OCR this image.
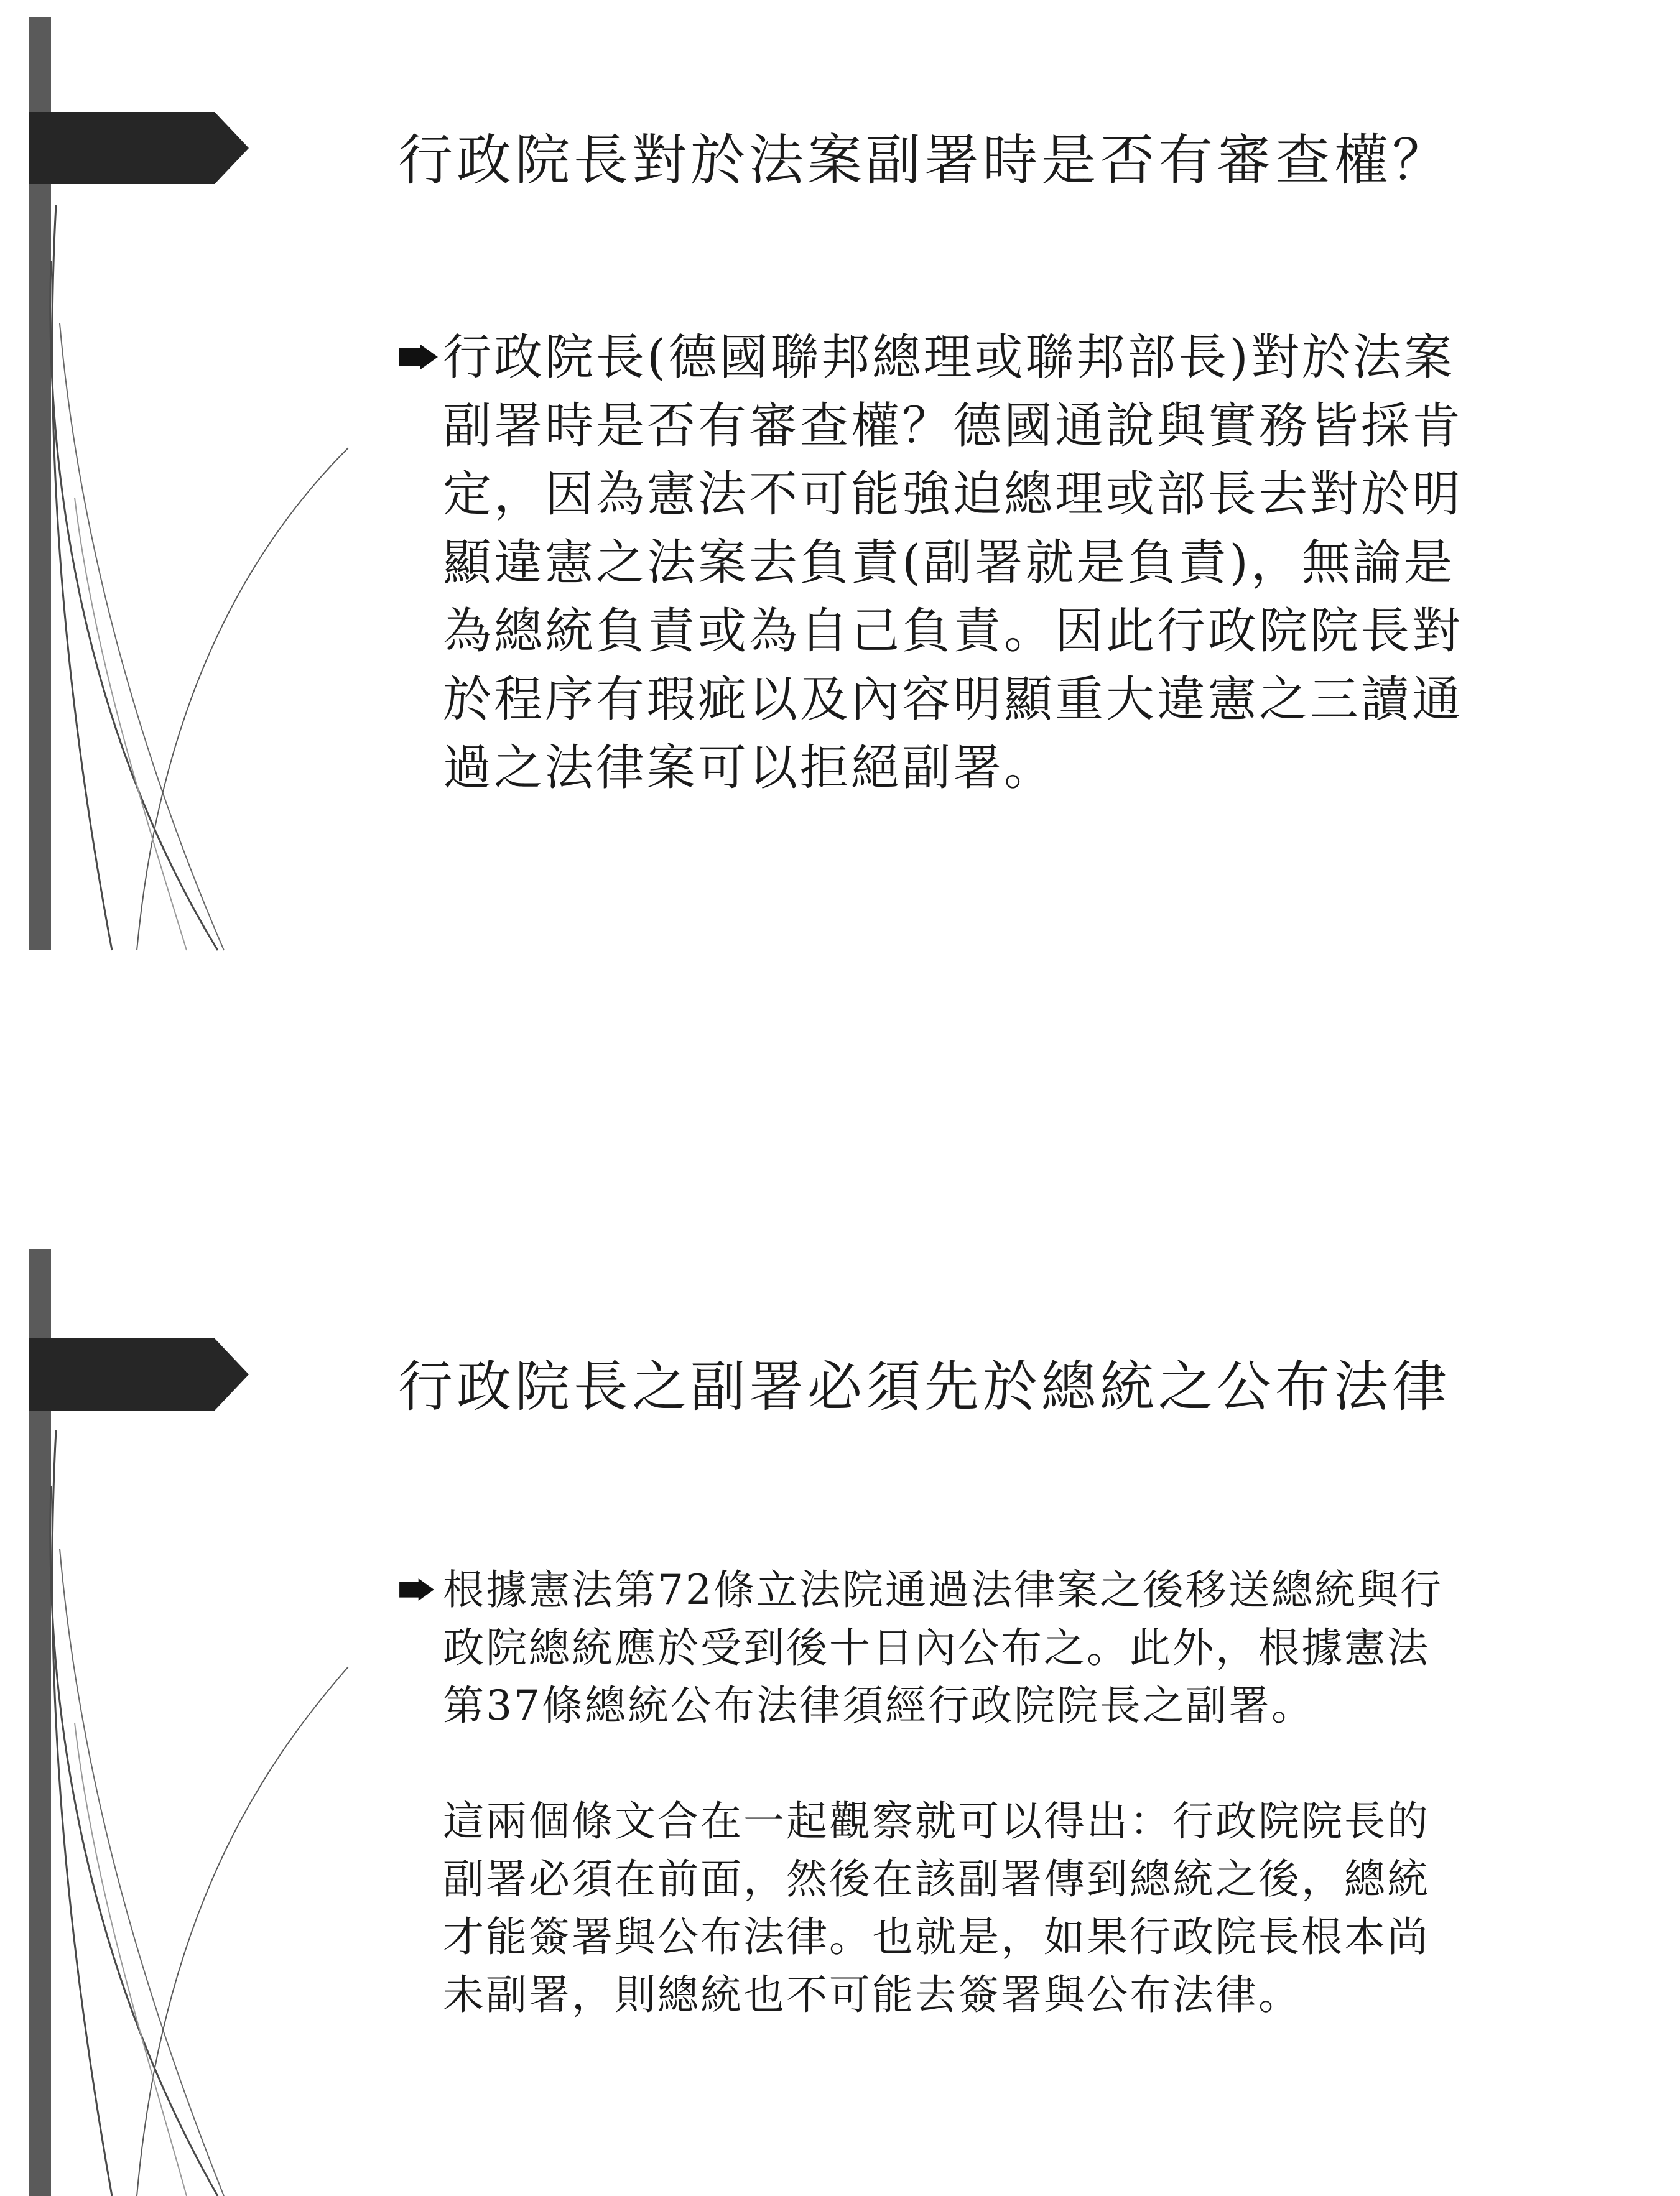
行政院長對於法案副署時是否有審查權？

行政院長(德國聯邦總理或聯邦部長)對於法案
副署時是否有審查權？德國通說與實務皆採肯
定，因為憲法不可能強迫總理或部長去對於明
顯違憲之法案去負責(副署就是負責)，無論是
為總統負責或為自己負責。因此行政院院長對
於程序有瑕疵以及內容明顯重大違憲之三讀通
過之法律案可以拒絕副署。

行政院長之副署必須先於總統之公布法律

根據憲法第72條立法院通過法律案之後移送總統與行
政院總統應於受到後十日內公布之。此外，根據憲法
第37條總統公布法律須經行政院院長之副署。

這兩個條文合在一起觀察就可以得出：行政院院長的
副署必須在前面，然後在該副署傳到總統之後，總統
才能簽署與公布法律。也就是，如果行政院長根本尚
未副署，則總統也不可能去簽署與公布法律。
